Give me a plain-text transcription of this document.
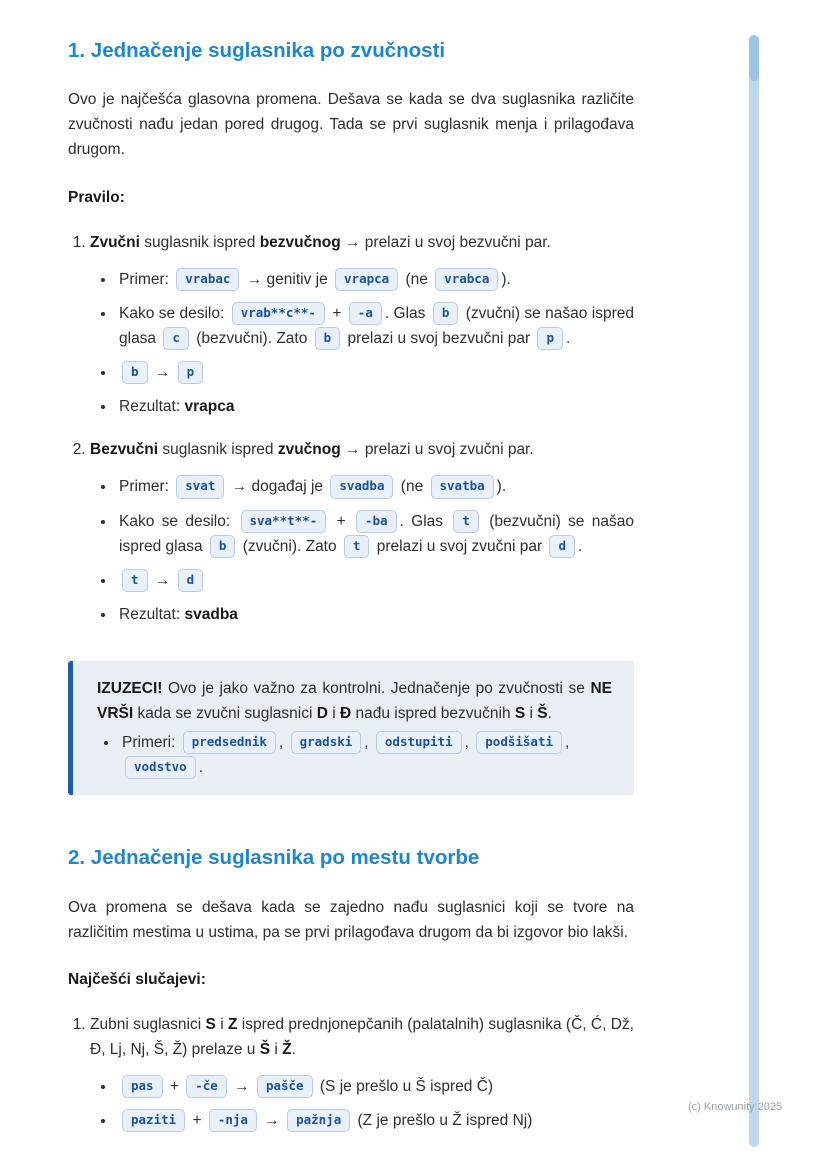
1. Jednačenje suglasnika po zvučnosti

Ovo je najčešća glasovna promena. Dešava se kada se dva suglasnika različite zvučnosti nađu jedan pored drugog. Tada se prvi suglasnik menja i prilagođava drugom.

Pravilo:

1. Zvučni suglasnik ispred bezvučnog → prelazi u svoj bezvučni par.
• Primer: vrabac → genitiv je vrapca (ne vrabca ).
• Kako se desilo: vrab**c**- + -a . Glas b (zvučni) se našao ispred glasa c (bezvučni). Zato b prelazi u svoj bezvučni par p .
• b → p
• Rezultat: vrapca
2. Bezvučni suglasnik ispred zvučnog → prelazi u svoj zvučni par.
• Primer: svat → događaj je svadba (ne svatba ).
• Kako se desilo: sva**t**- + -ba . Glas t (bezvučni) se našao ispred glasa b (zvučni). Zato t prelazi u svoj zvučni par d .
• t → d
• Rezultat: svadba

IZUZECI! Ovo je jako važno za kontrolni. Jednačenje po zvučnosti se NE VRŠI kada se zvučni suglasnici D i Đ nađu ispred bezvučnih S i Š.

• Primeri: predsednik , gradski , odstupiti , podšišati , vodstvo .
2. Jednačenje suglasnika po mestu tvorbe

Ova promena se dešava kada se zajedno nađu suglasnici koji se tvore na različitim mestima u ustima, pa se prvi prilagođava drugom da bi izgovor bio lakši.

Najčešći slučajevi:

1. Zubni suglasnici S i Z ispred prednjonepčanih (palatalnih) suglasnika (Č, Ć, Dž, Đ, Lj, Nj, Š, Ž) prelaze u Š i Ž.
• pas + -če → pašče (S je prešlo u Š ispred Č)
• paziti + -nja → pažnja (Z je prešlo u Ž ispred Nj)
(c) Knowunity 2025
